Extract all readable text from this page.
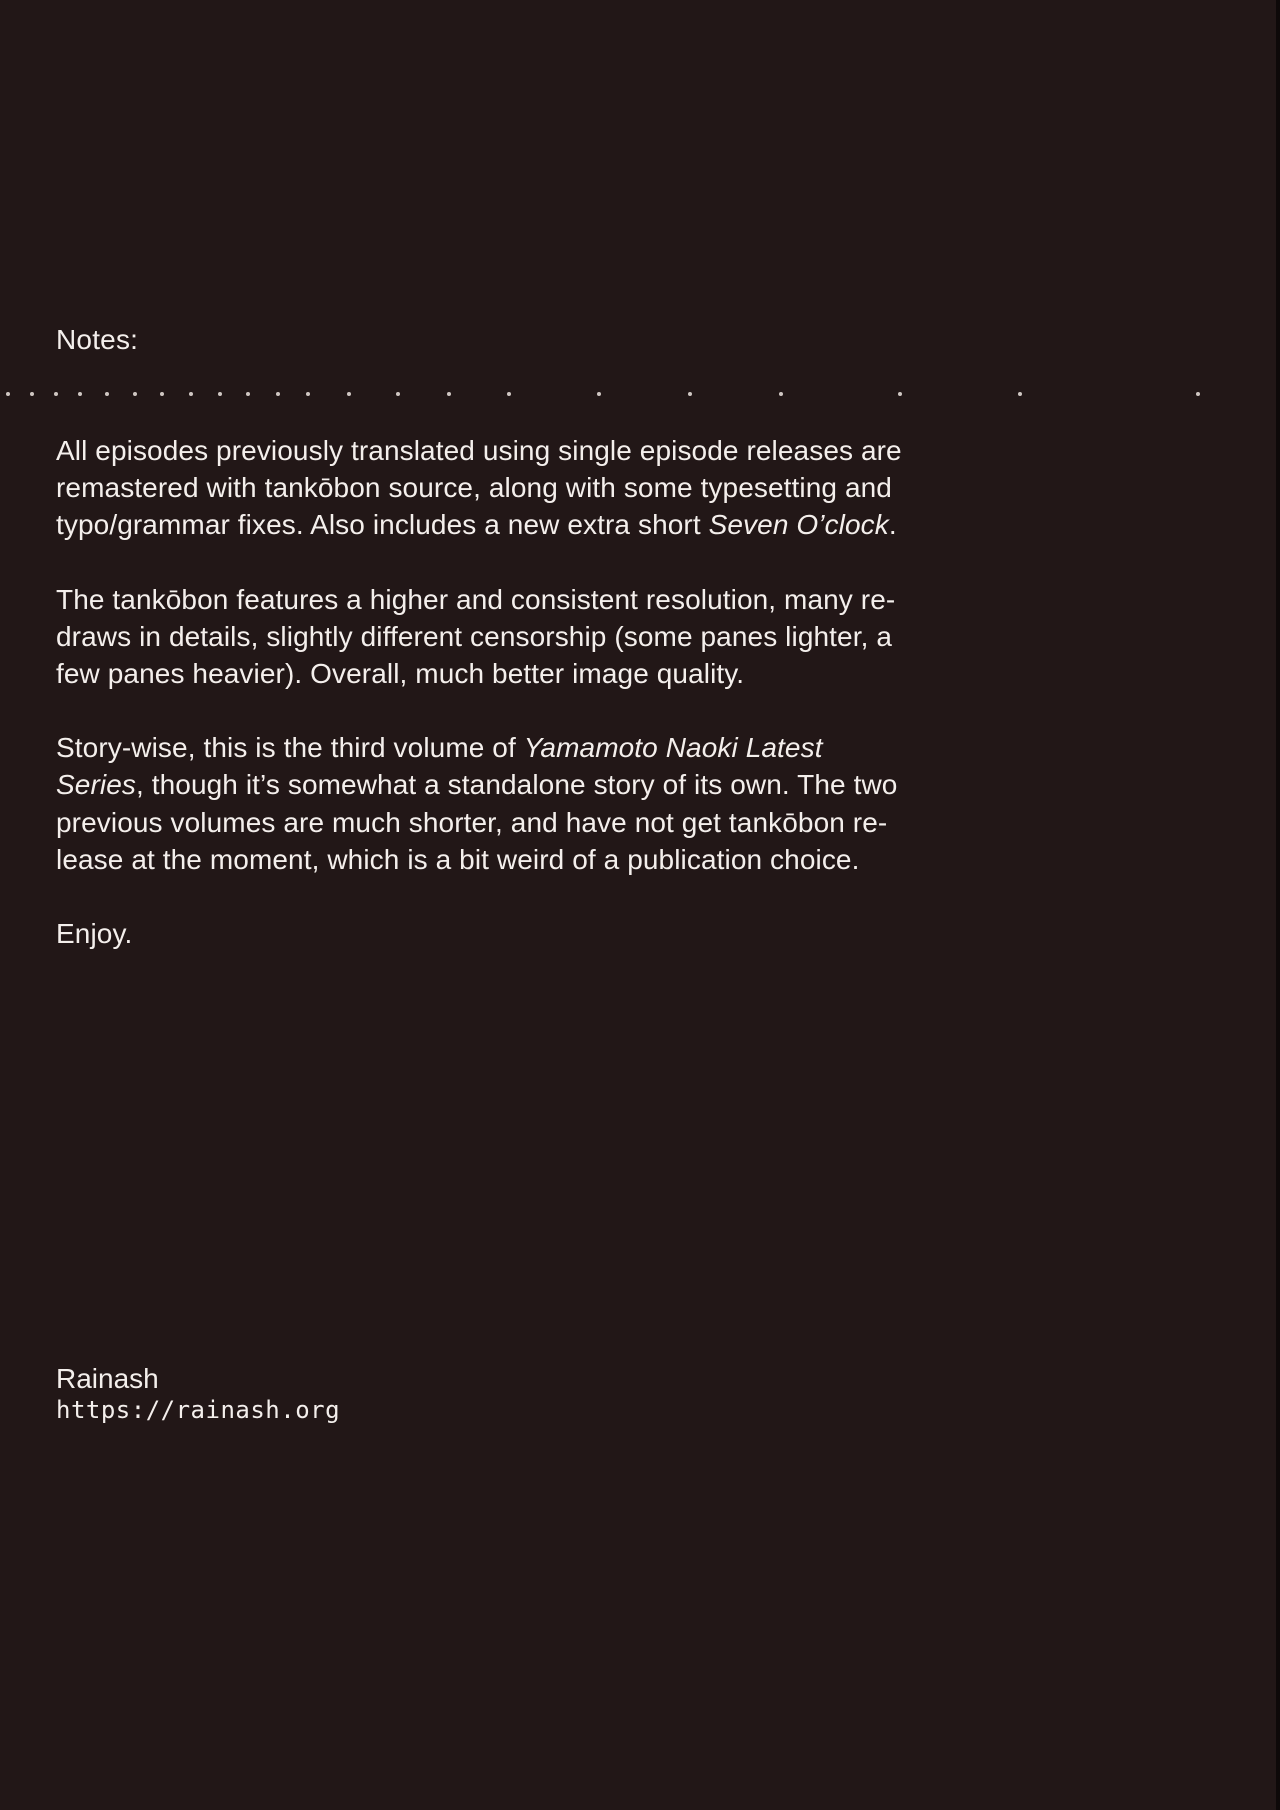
Notes:

All episodes previously translated using single episode releases are
remastered with tankōbon source, along with some typesetting and
typo/grammar fixes. Also includes a new extra short Seven O’clock.

The tankōbon features a higher and consistent resolution, many re-
draws in details, slightly different censorship (some panes lighter, a
few panes heavier). Overall, much better image quality.

Story-wise, this is the third volume of Yamamoto Naoki Latest
Series, though it’s somewhat a standalone story of its own. The two
previous volumes are much shorter, and have not get tankōbon re-
lease at the moment, which is a bit weird of a publication choice.

Enjoy.

Rainash
https://rainash.org
